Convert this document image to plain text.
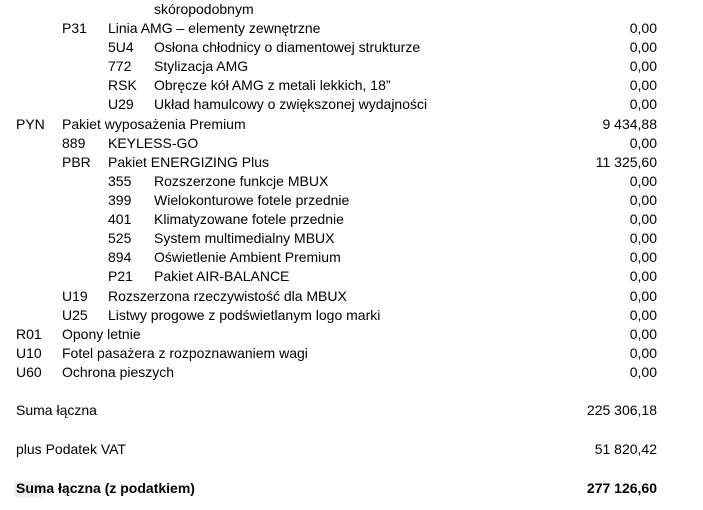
skóropodobnym
P31 Linia AMG – elementy zewnętrzne	0,00
5U4 Osłona chłodnicy o diamentowej strukturze	0,00
772 Stylizacja AMG	0,00
RSK Obręcze kół AMG z metali lekkich, 18”	0,00
U29 Układ hamulcowy o zwiększonej wydajności	0,00
PYN Pakiet wyposażenia Premium	9 434,88
889 KEYLESS-GO	0,00
PBR Pakiet ENERGIZING Plus	11 325,60
355 Rozszerzone funkcje MBUX	0,00
399 Wielokonturowe fotele przednie	0,00
401 Klimatyzowane fotele przednie	0,00
525 System multimedialny MBUX	0,00
894 Oświetlenie Ambient Premium	0,00
P21 Pakiet AIR-BALANCE	0,00
U19 Rozszerzona rzeczywistość dla MBUX	0,00
U25 Listwy progowe z podświetlanym logo marki	0,00
R01 Opony letnie	0,00
U10 Fotel pasażera z rozpoznawaniem wagi	0,00
U60 Ochrona pieszych	0,00
Suma łączna	225 306,18
plus Podatek VAT	51 820,42
Suma łączna (z podatkiem)	277 126,60
